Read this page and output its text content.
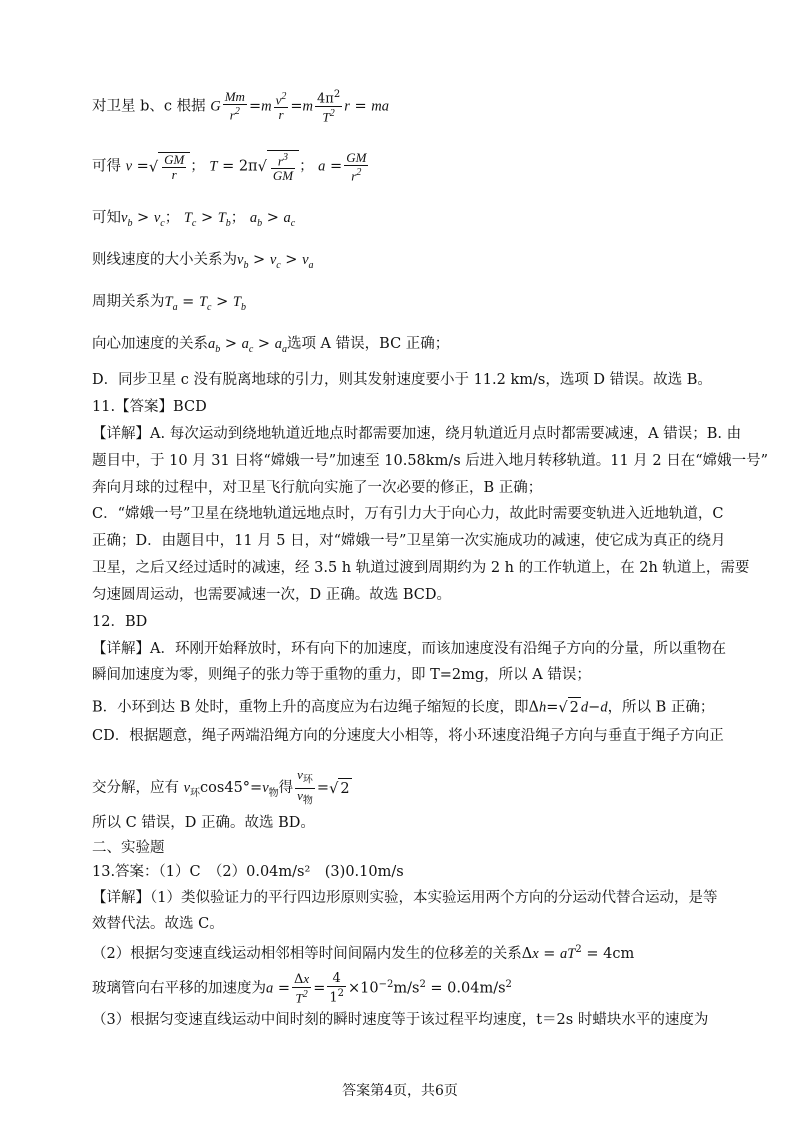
对卫星 b、c 根据 G $\frac{Mm}{r^2} =m \frac{v^2}{r} =m \frac{4\pi^2}{T^2}$ r = ma
可得 v =√ $\frac{GM}{r}$ ； $T = 2\pi√ \frac{r^3}{GM}$ ； $a = \frac{GM}{r^2}$
可知$v_b > v_c$； $T_c > T_b$； $a_b > a_c$
则线速度的大小关系为$v_b > v_c > v_a$
周期关系为$T_a = T_c > T_b$
向心加速度的关系$a_b > a_c > a_a$选项 A 错误，BC 正确；
D．同步卫星 c 没有脱离地球的引力，则其发射速度要小于 11.2 km/s，选项 D 错误。故选 B。
11.【答案】BCD
【详解】A. 每次运动到绕地轨道近地点时都需要加速，绕月轨道近月点时都需要减速，A 错误；B. 由
题目中，于 10 月 31 日将“嫦娥一号”加速至 10.58km/s 后进入地月转移轨道。11 月 2 日在“嫦娥一号”
奔向月球的过程中，对卫星飞行航向实施了一次必要的修正，B 正确；
C．“嫦娥一号”卫星在绕地轨道远地点时，万有引力大于向心力，故此时需要变轨进入近地轨道，C
正确；D．由题目中，11 月 5 日，对“嫦娥一号”卫星第一次实施成功的减速，使它成为真正的绕月
卫星，之后又经过适时的减速，经 3.5 h 轨道过渡到周期约为 2 h 的工作轨道上，在 2h 轨道上，需要
匀速圆周运动，也需要减速一次，D 正确。故选 BCD。
12．BD
【详解】A．环刚开始释放时，环有向下的加速度，而该加速度没有沿绳子方向的分量，所以重物在
瞬间加速度为零，则绳子的张力等于重物的重力，即 T=2mg，所以 A 错误；
B．小环到达 B 处时，重物上升的高度应为右边绳子缩短的长度，即Δh=√ 2 d−d，所以 B 正确；
CD．根据题意，绳子两端沿绳方向的分速度大小相等，将小环速度沿绳子方向与垂直于绳子方向正
交分解，应有 $v_环\cos 45^\circ=v_物$得 $\frac{v_环}{v_物}$ =√ 2
所以 C 错误，D 正确。故选 BD。
二、实验题
13.答案：（1）C　（2）0.04m/s²　(3)0.10m/s
【详解】（1）类似验证力的平行四边形原则实验，本实验运用两个方向的分运动代替合运动，是等
效替代法。故选 C。
（2）根据匀变速直线运动相邻相等时间间隔内发生的位移差的关系$\Delta x = aT^2 = 4cm$
玻璃管向右平移的加速度为$a = \frac{\Delta x}{T^2} = \frac{4}{1^2} \times 10^{-2}m/s^2 = 0.04m/s^2$
（3）根据匀变速直线运动中间时刻的瞬时速度等于该过程平均速度，t＝2s 时蜡块水平的速度为
答案第4页，共6页
